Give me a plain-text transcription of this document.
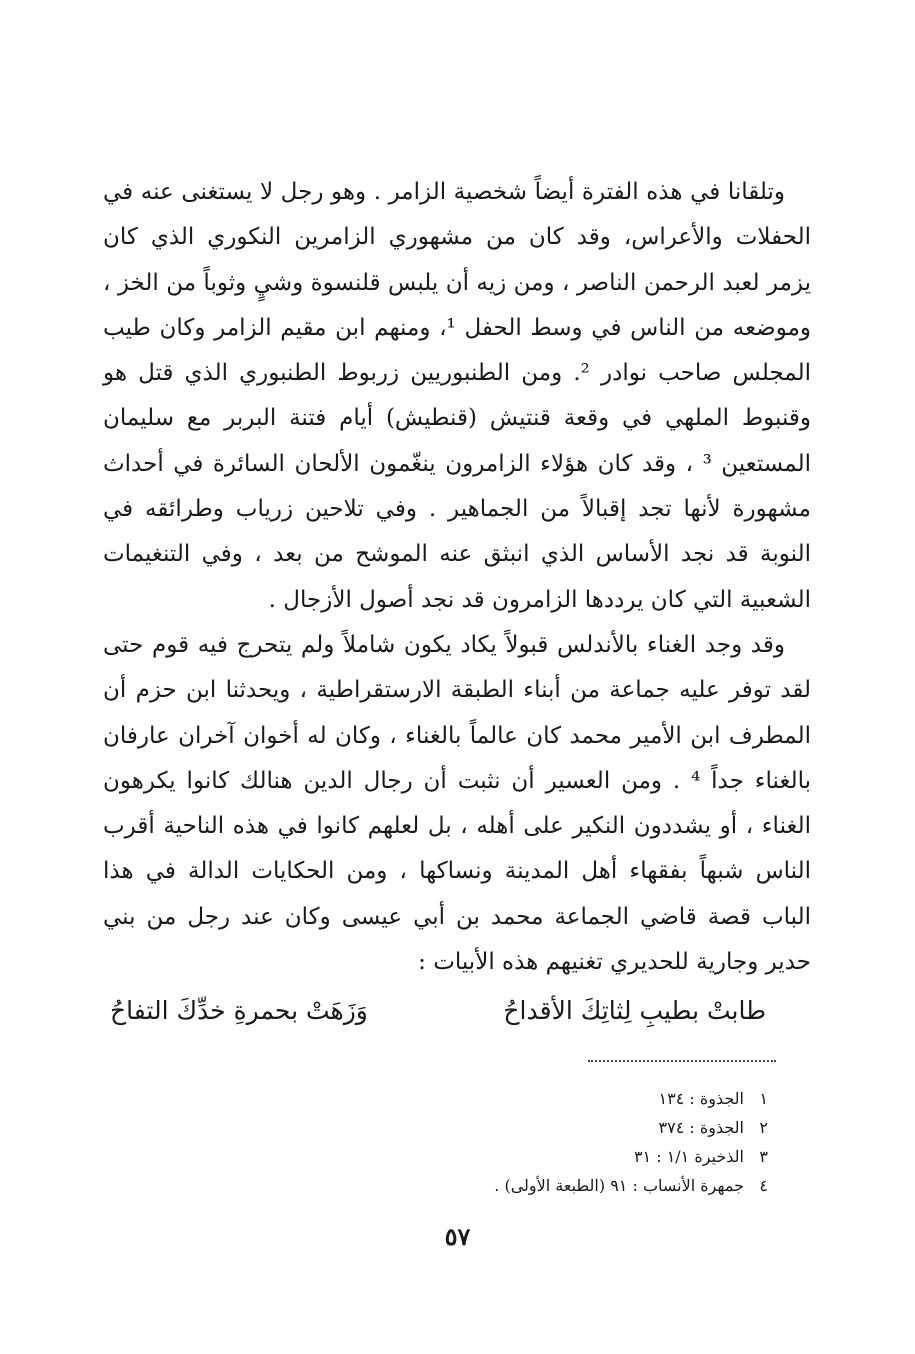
وتلقانا في هذه الفترة أيضاً شخصية الزامر . وهو رجل لا يستغنى عنه في الحفلات والأعراس، وقد كان من مشهوري الزامرين النكوري الذي كان يزمر لعبد الرحمن الناصر ، ومن زيه أن يلبس قلنسوة وشيٍ وثوباً من الخز ، وموضعه من الناس في وسط الحفل ¹، ومنهم ابن مقيم الزامر وكان طيب المجلس صاحب نوادر ². ومن الطنبوريين زربوط الطنبوري الذي قتل هو وقنبوط الملهي في وقعة قنتيش (قنطيش) أيام فتنة البربر مع سليمان المستعين ³ ، وقد كان هؤلاء الزامرون ينغّمون الألحان السائرة في أحداث مشهورة لأنها تجد إقبالاً من الجماهير . وفي تلاحين زرياب وطرائقه في النوبة قد نجد الأساس الذي انبثق عنه الموشح من بعد ، وفي التنغيمات الشعبية التي كان يرددها الزامرون قد نجد أصول الأزجال .

وقد وجد الغناء بالأندلس قبولاً يكاد يكون شاملاً ولم يتحرج فيه قوم حتى لقد توفر عليه جماعة من أبناء الطبقة الارستقراطية ، ويحدثنا ابن حزم أن المطرف ابن الأمير محمد كان عالماً بالغناء ، وكان له أخوان آخران عارفان بالغناء جداً ⁴ . ومن العسير أن نثبت أن رجال الدين هنالك كانوا يكرهون الغناء ، أو يشددون النكير على أهله ، بل لعلهم كانوا في هذه الناحية أقرب الناس شبهاً بفقهاء أهل المدينة ونساكها ، ومن الحكايات الدالة في هذا الباب قصة قاضي الجماعة محمد بن أبي عيسى وكان عند رجل من بني حدير وجارية للحديري تغنيهم هذه الأبيات :

طابتْ بطيبِ لِثاتِكَ الأقداحُ
وَزَهَتْ بحمرةِ خدِّكَ التفاحُ
١
الجذوة : ١٣٤
٢
الجذوة : ٣٧٤
٣
الذخيرة ١/١ : ٣١
٤
جمهرة الأنساب : ٩١ (الطبعة الأولى) .
٥٧
